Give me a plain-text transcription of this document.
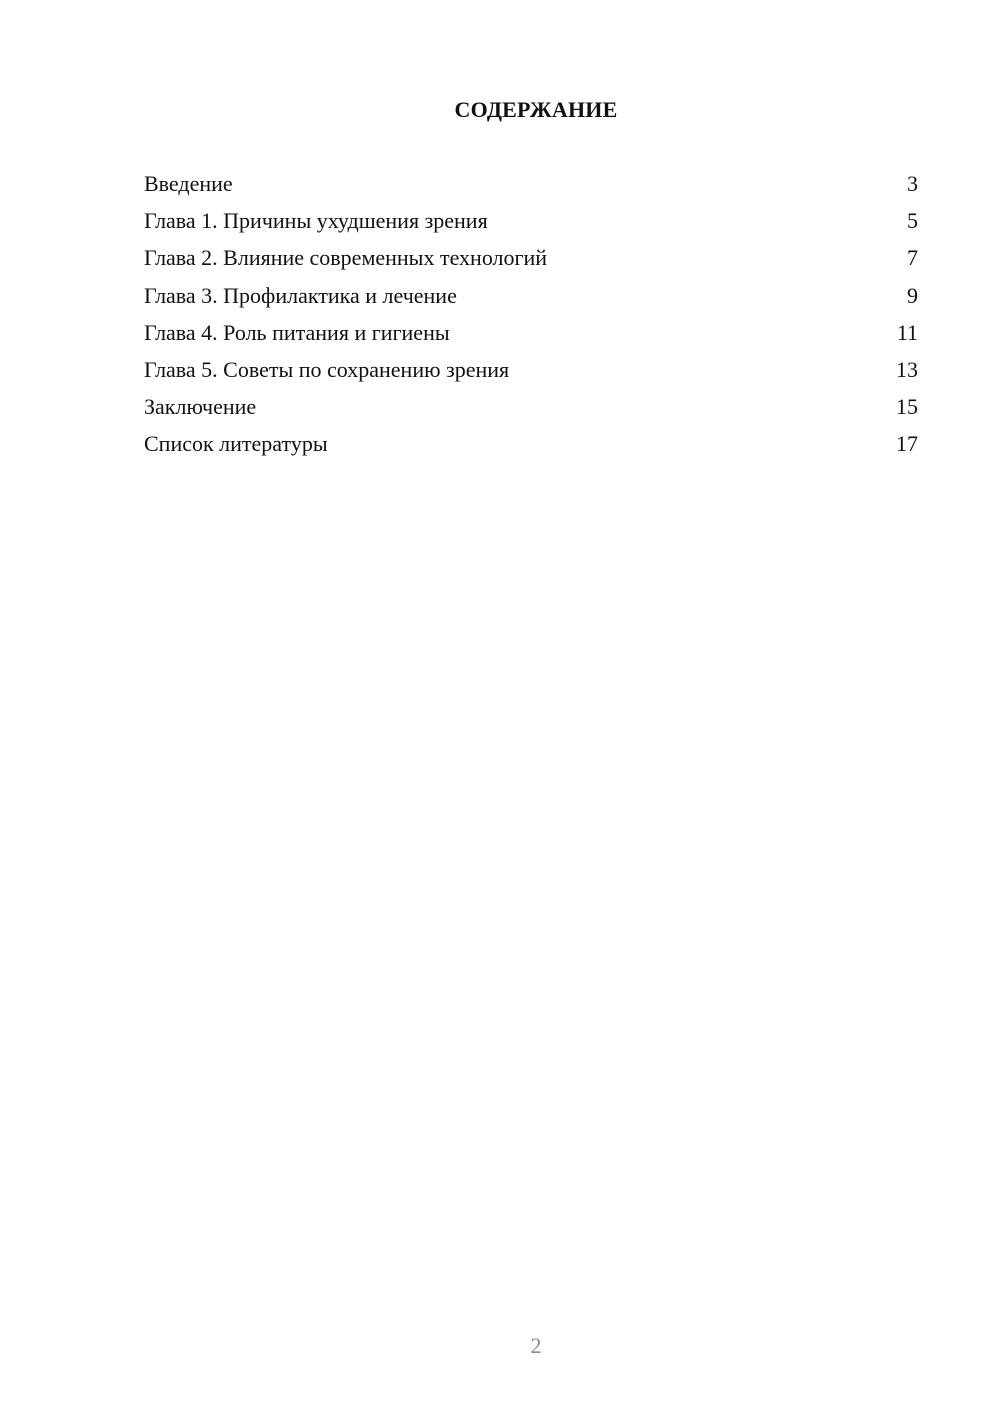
СОДЕРЖАНИЕ
Введение	3
Глава 1. Причины ухудшения зрения	5
Глава 2. Влияние современных технологий	7
Глава 3. Профилактика и лечение	9
Глава 4. Роль питания и гигиены	11
Глава 5. Советы по сохранению зрения	13
Заключение	15
Список литературы	17
2
